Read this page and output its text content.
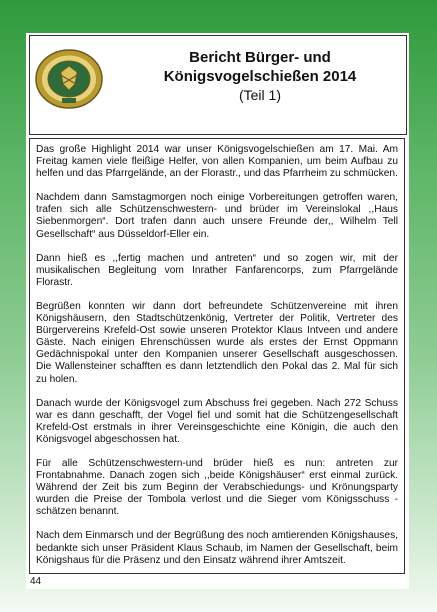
Bericht Bürger- und
Königsvogelschießen 2014
(Teil 1)

Das große Highlight 2014 war unser Königsvogelschießen am 17. Mai. Am Freitag kamen viele fleißige Helfer, von allen Kompanien, um beim Aufbau zu helfen und das Pfarrgelände, an der Florastr., und das Pfarrheim zu schmücken.

Nachdem dann Samstagmorgen noch einige Vorbereitungen getroffen waren, trafen sich alle Schützenschwestern- und brüder im Vereinslokal ,,Haus Siebenmorgen“. Dort trafen dann auch unsere Freunde der,, Wilhelm Tell Gesellschaft“ aus Düsseldorf-Eller ein.

Dann hieß es ,,fertig machen und antreten“ und so zogen wir, mit der musikalischen Begleitung vom Inrather Fanfarencorps, zum Pfarrgelände Florastr.

Begrüßen konnten wir dann dort befreundete Schützenvereine mit ihren Königshäusern, den Stadtschützenkönig, Vertreter der Politik, Vertreter des Bürgervereins Krefeld-Ost sowie unseren Protektor Klaus Intveen und andere Gäste. Nach einigen Ehrenschüssen wurde als erstes der Ernst Oppmann Gedächnispokal unter den Kompanien unserer Gesellschaft ausgeschossen. Die Wallensteiner schafften es dann letztendlich den Pokal das 2. Mal für sich zu holen.

Danach wurde der Königsvogel zum Abschuss frei gegeben. Nach 272 Schuss war es dann geschafft, der Vogel fiel und somit hat die Schützengesellschaft Krefeld-Ost erstmals in ihrer Vereinsgeschichte eine Königin, die auch den Königsvogel abgeschossen hat.

Für alle Schützenschwestern-und brüder hieß es nun: antreten zur Frontabnahme. Danach zogen sich ,,beide Königshäuser“ erst einmal zurück. Während der Zeit bis zum Beginn der Verabschiedungs- und Krönungsparty wurden die Preise der Tombola verlost und die Sieger vom Königsschuss - schätzen benannt.

Nach dem Einmarsch und der Begrüßung des noch amtierenden Königshauses, bedankte sich unser Präsident Klaus Schaub, im Namen der Gesellschaft, beim Königshaus für die Präsenz und den Einsatz während ihrer Amtszeit.

44
